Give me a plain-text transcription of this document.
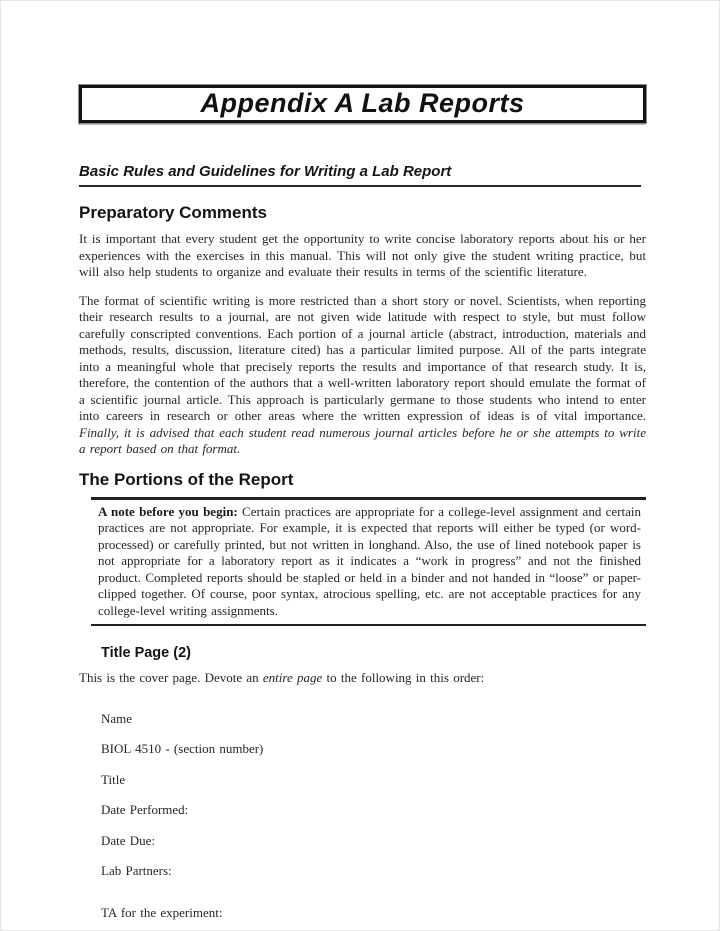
Appendix A Lab Reports
Basic Rules and Guidelines for Writing a Lab Report
Preparatory Comments

It is important that every student get the opportunity to write concise laboratory reports about his or her experiences with the exercises in this manual. This will not only give the student writing practice, but will also help students to organize and evaluate their results in terms of the scientific literature.

The format of scientific writing is more restricted than a short story or novel. Scientists, when reporting their research results to a journal, are not given wide latitude with respect to style, but must follow carefully conscripted conventions. Each portion of a journal article (abstract, introduction, materials and methods, results, discussion, literature cited) has a particular limited purpose. All of the parts integrate into a meaningful whole that precisely reports the results and importance of that research study. It is, therefore, the contention of the authors that a well-written laboratory report should emulate the format of a scientific journal article. This approach is particularly germane to those students who intend to enter into careers in research or other areas where the written expression of ideas is of vital importance. Finally, it is advised that each student read numerous journal articles before he or she attempts to write a report based on that format.

The Portions of the Report

A note before you begin: Certain practices are appropriate for a college-level assignment and certain practices are not appropriate. For example, it is expected that reports will either be typed (or word-processed) or carefully printed, but not written in longhand. Also, the use of lined notebook paper is not appropriate for a laboratory report as it indicates a “work in progress” and not the finished product. Completed reports should be stapled or held in a binder and not handed in “loose” or paper-clipped together. Of course, poor syntax, atrocious spelling, etc. are not acceptable practices for any college-level writing assignments.

Title Page (2)

This is the cover page. Devote an entire page to the following in this order:

Name

BIOL 4510 - (section number)

Title

Date Performed:

Date Due:

Lab Partners:

TA for the experiment:
